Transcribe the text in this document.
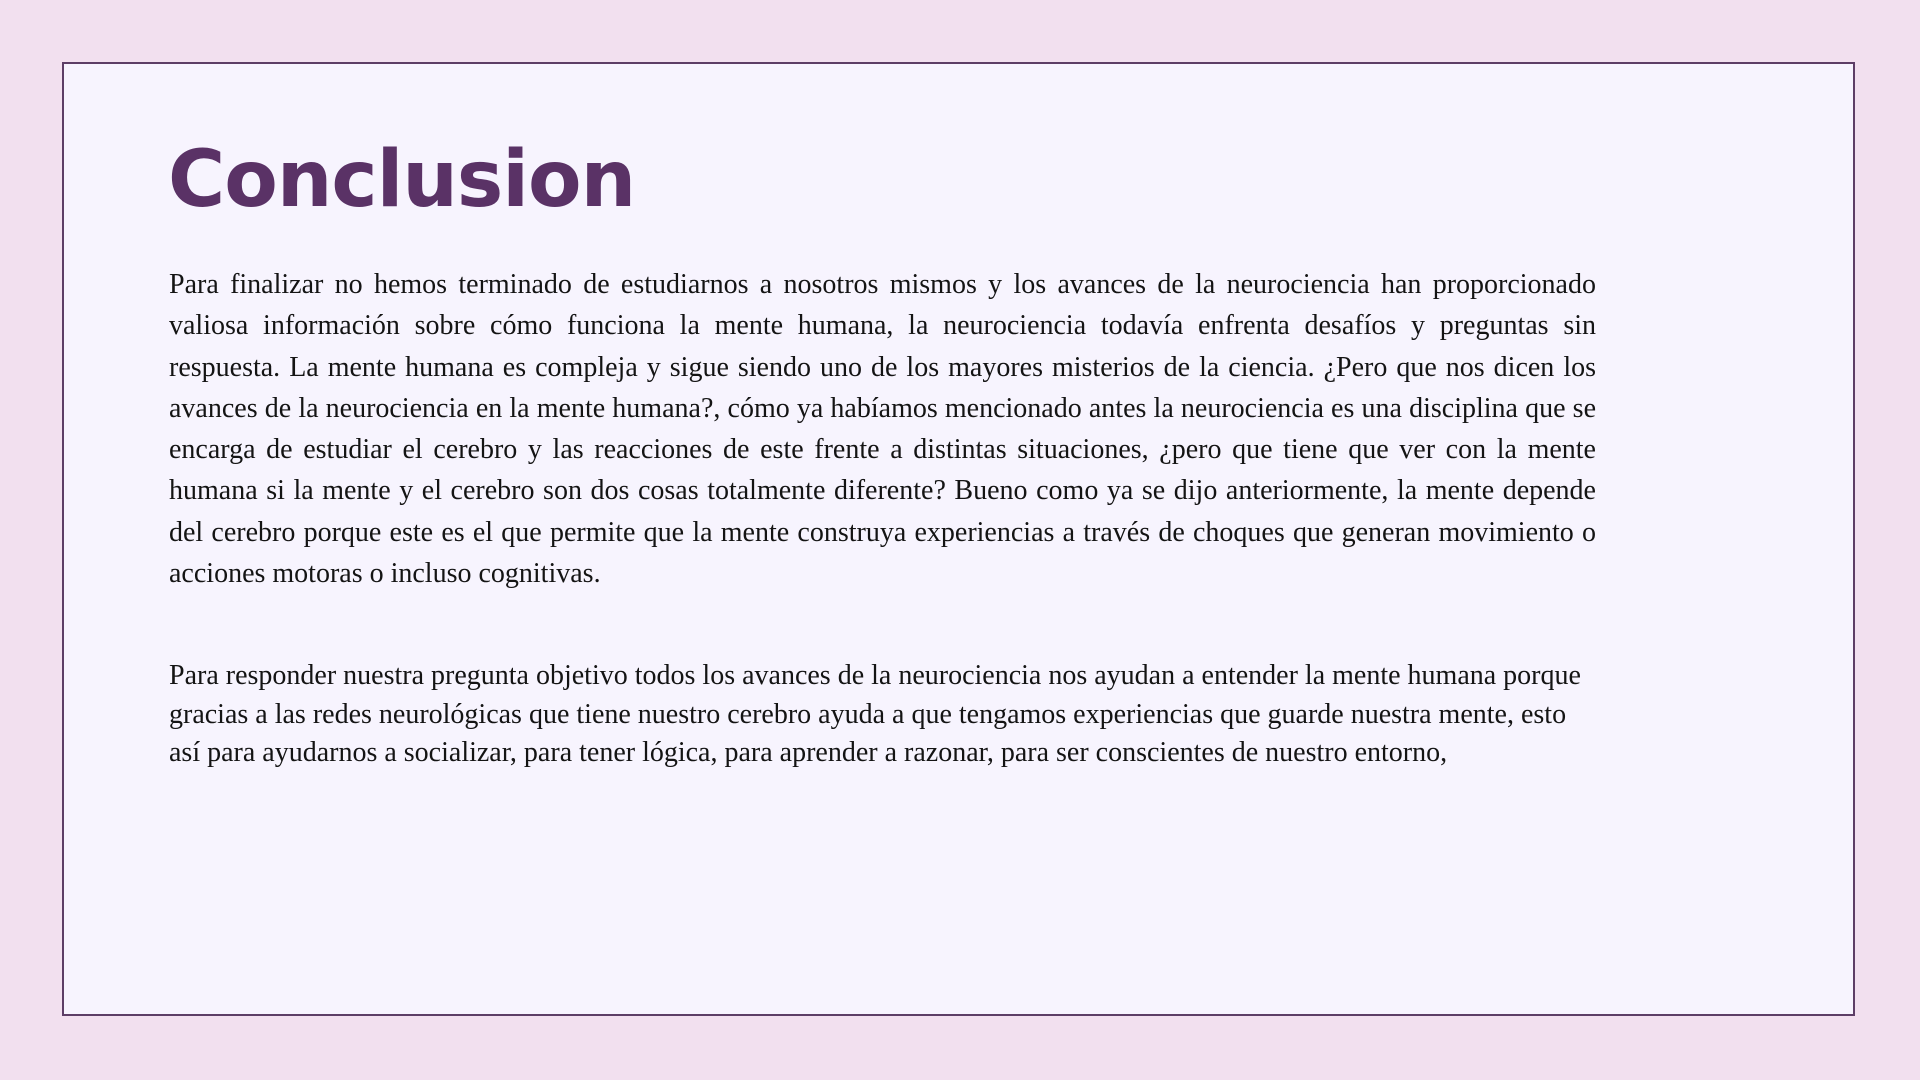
Conclusion

Para finalizar no hemos terminado de estudiarnos a nosotros mismos y los avances de la neurociencia han proporcionado valiosa información sobre cómo funciona la mente humana, la neurociencia todavía enfrenta desafíos y preguntas sin respuesta. La mente humana es compleja y sigue siendo uno de los mayores misterios de la ciencia. ¿Pero que nos dicen los avances de la neurociencia en la mente humana?, cómo ya habíamos mencionado antes la neurociencia es una disciplina que se encarga de estudiar el cerebro y las reacciones de este frente a distintas situaciones, ¿pero que tiene que ver con la mente humana si la mente y el cerebro son dos cosas totalmente diferente? Bueno como ya se dijo anteriormente, la mente depende del cerebro porque este es el que permite que la mente construya experiencias a través de choques que generan movimiento o acciones motoras o incluso cognitivas.

Para responder nuestra pregunta objetivo todos los avances de la neurociencia nos ayudan a entender la mente humana porque gracias a las redes neurológicas que tiene nuestro cerebro ayuda a que tengamos experiencias que guarde nuestra mente, esto así para ayudarnos a socializar, para tener lógica, para aprender a razonar, para ser conscientes de nuestro entorno,
